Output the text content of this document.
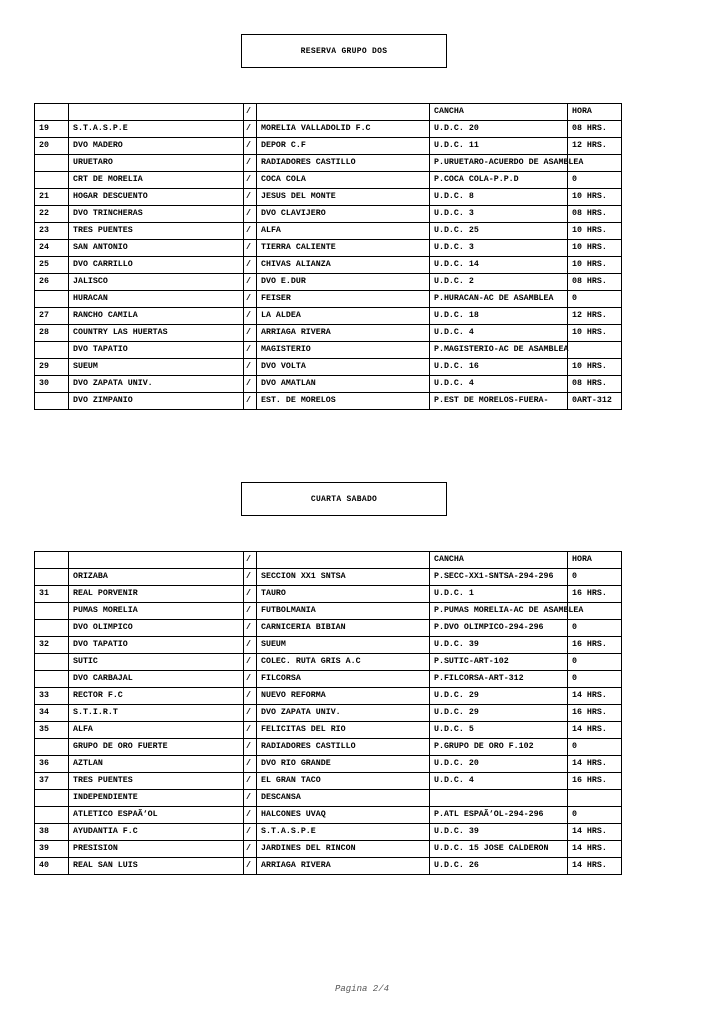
RESERVA GRUPO DOS
		/		CANCHA	HORA
19	S.T.A.S.P.E	/	MORELIA VALLADOLID F.C	U.D.C. 20	08 HRS.
20	DVO MADERO	/	DEPOR C.F	U.D.C. 11	12 HRS.
	URUETARO	/	RADIADORES CASTILLO	P.URUETARO-ACUERDO DE ASAMBLEA	
	CRT DE MORELIA	/	COCA COLA	P.COCA COLA-P.P.D	0
21	HOGAR DESCUENTO	/	JESUS DEL MONTE	U.D.C. 8	10 HRS.
22	DVO TRINCHERAS	/	DVO CLAVIJERO	U.D.C. 3	08 HRS.
23	TRES PUENTES	/	ALFA	U.D.C. 25	10 HRS.
24	SAN ANTONIO	/	TIERRA CALIENTE	U.D.C. 3	10 HRS.
25	DVO CARRILLO	/	CHIVAS ALIANZA	U.D.C. 14	10 HRS.
26	JALISCO	/	DVO E.DUR	U.D.C. 2	08 HRS.
	HURACAN	/	FEISER	P.HURACAN-AC DE ASAMBLEA	0
27	RANCHO CAMILA	/	LA ALDEA	U.D.C. 18	12 HRS.
28	COUNTRY LAS HUERTAS	/	ARRIAGA RIVERA	U.D.C. 4	10 HRS.
	DVO TAPATIO	/	MAGISTERIO	P.MAGISTERIO-AC DE ASAMBLEA	
29	SUEUM	/	DVO VOLTA	U.D.C. 16	10 HRS.
30	DVO ZAPATA UNIV.	/	DVO AMATLAN	U.D.C. 4	08 HRS.
	DVO ZIMPANIO	/	EST. DE MORELOS	P.EST DE MORELOS-FUERA-	0ART-312
CUARTA SABADO
		/		CANCHA	HORA
	ORIZABA	/	SECCION XX1 SNTSA	P.SECC-XX1-SNTSA-294-296	0
31	REAL PORVENIR	/	TAURO	U.D.C. 1	16 HRS.
	PUMAS MORELIA	/	FUTBOLMANIA	P.PUMAS MORELIA-AC DE ASAMBLEA	
	DVO OLIMPICO	/	CARNICERIA BIBIAN	P.DVO OLIMPICO-294-296	0
32	DVO TAPATIO	/	SUEUM	U.D.C. 39	16 HRS.
	SUTIC	/	COLEC. RUTA GRIS A.C	P.SUTIC-ART-102	0
	DVO CARBAJAL	/	FILCORSA	P.FILCORSA-ART-312	0
33	RECTOR F.C	/	NUEVO REFORMA	U.D.C. 29	14 HRS.
34	S.T.I.R.T	/	DVO ZAPATA UNIV.	U.D.C. 29	16 HRS.
35	ALFA	/	FELICITAS DEL RIO	U.D.C. 5	14 HRS.
	GRUPO DE ORO FUERTE	/	RADIADORES CASTILLO	P.GRUPO DE ORO F.102	0
36	AZTLAN	/	DVO RIO GRANDE	U.D.C. 20	14 HRS.
37	TRES PUENTES	/	EL GRAN TACO	U.D.C. 4	16 HRS.
	INDEPENDIENTE	/	DESCANSA		
	ATLETICO ESPAÃ‘OL	/	HALCONES UVAQ	P.ATL ESPAÃ‘OL-294-296	0
38	AYUDANTIA F.C	/	S.T.A.S.P.E	U.D.C. 39	14 HRS.
39	PRESISION	/	JARDINES DEL RINCON	U.D.C. 15 JOSE CALDERON	14 HRS.
40	REAL SAN LUIS	/	ARRIAGA RIVERA	U.D.C. 26	14 HRS.
Pagina 2/4
